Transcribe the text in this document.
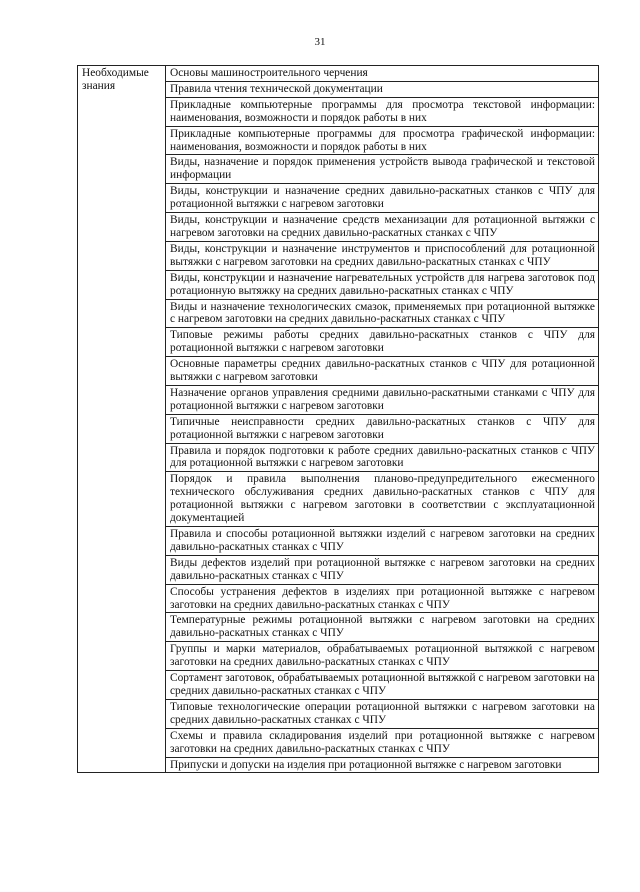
31
Необходимые знания	Основы машиностроительного черчения
Правила чтения технической документации
Прикладные компьютерные программы для просмотра текстовой информации: наименования, возможности и порядок работы в них
Прикладные компьютерные программы для просмотра графической информации: наименования, возможности и порядок работы в них
Виды, назначение и порядок применения устройств вывода графической и текстовой информации
Виды, конструкции и назначение средних давильно-раскатных станков с ЧПУ для ротационной вытяжки с нагревом заготовки
Виды, конструкции и назначение средств механизации для ротационной вытяжки с нагревом заготовки на средних давильно-раскатных станках с ЧПУ
Виды, конструкции и назначение инструментов и приспособлений для ротационной вытяжки с нагревом заготовки на средних давильно-раскатных станках с ЧПУ
Виды, конструкции и назначение нагревательных устройств для нагрева заготовок под ротационную вытяжку на средних давильно-раскатных станках с ЧПУ
Виды и назначение технологических смазок, применяемых при ротационной вытяжке с нагревом заготовки на средних давильно-раскатных станках с ЧПУ
Типовые режимы работы средних давильно-раскатных станков с ЧПУ для ротационной вытяжки с нагревом заготовки
Основные параметры средних давильно-раскатных станков с ЧПУ для ротационной вытяжки с нагревом заготовки
Назначение органов управления средними давильно-раскатными станками с ЧПУ для ротационной вытяжки с нагревом заготовки
Типичные неисправности средних давильно-раскатных станков с ЧПУ для ротационной вытяжки с нагревом заготовки
Правила и порядок подготовки к работе средних давильно-раскатных станков с ЧПУ для ротационной вытяжки с нагревом заготовки
Порядок и правила выполнения планово-предупредительного ежесменного технического обслуживания средних давильно-раскатных станков с ЧПУ для ротационной вытяжки с нагревом заготовки в соответствии с эксплуатационной документацией
Правила и способы ротационной вытяжки изделий с нагревом заготовки на средних давильно-раскатных станках с ЧПУ
Виды дефектов изделий при ротационной вытяжке с нагревом заготовки на средних давильно-раскатных станках с ЧПУ
Способы устранения дефектов в изделиях при ротационной вытяжке с нагревом заготовки на средних давильно-раскатных станках с ЧПУ
Температурные режимы ротационной вытяжки с нагревом заготовки на средних давильно-раскатных станках с ЧПУ
Группы и марки материалов, обрабатываемых ротационной вытяжкой с нагревом заготовки на средних давильно-раскатных станках с ЧПУ
Сортамент заготовок, обрабатываемых ротационной вытяжкой с нагревом заготовки на средних давильно-раскатных станках с ЧПУ
Типовые технологические операции ротационной вытяжки с нагревом заготовки на средних давильно-раскатных станках с ЧПУ
Схемы и правила складирования изделий при ротационной вытяжке с нагревом заготовки на средних давильно-раскатных станках с ЧПУ
Припуски и допуски на изделия при ротационной вытяжке с нагревом заготовки
